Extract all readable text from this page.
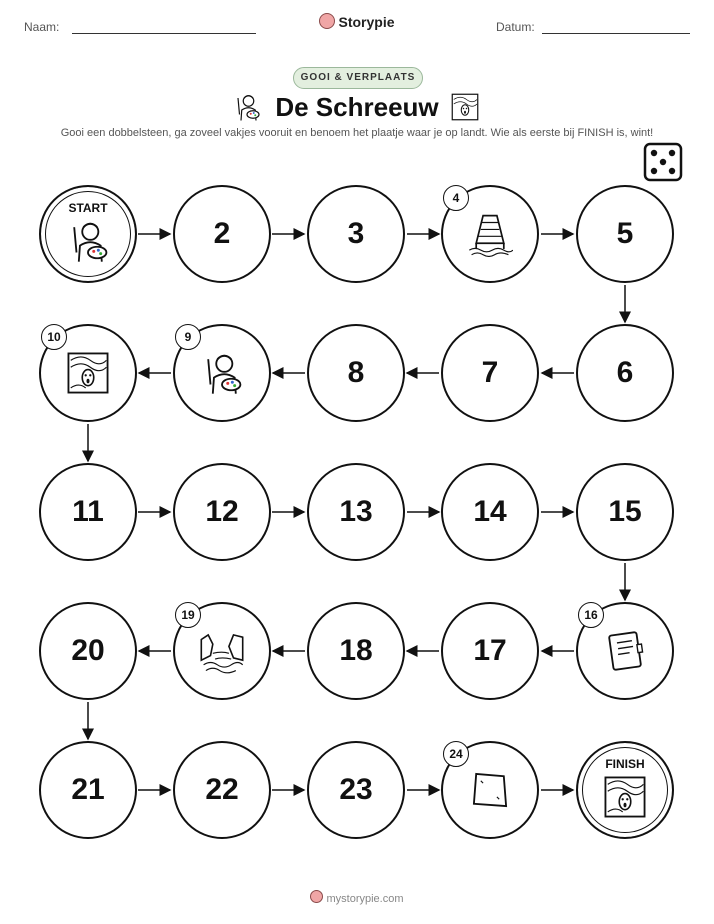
Naam:	Storypie	Datum:
GOOI & VERPLAATS
De Schreeuw
Gooi een dobbelsteen, ga zoveel vakjes vooruit en benoem het plaatje waar je op landt. Wie als eerste bij FINISH is, wint!
START
2	3
4
5
6
7
8
9
10
11	12	13	14	15
16
17
18
19
20
21	22	23
24
FINISH
mystorypie.com
